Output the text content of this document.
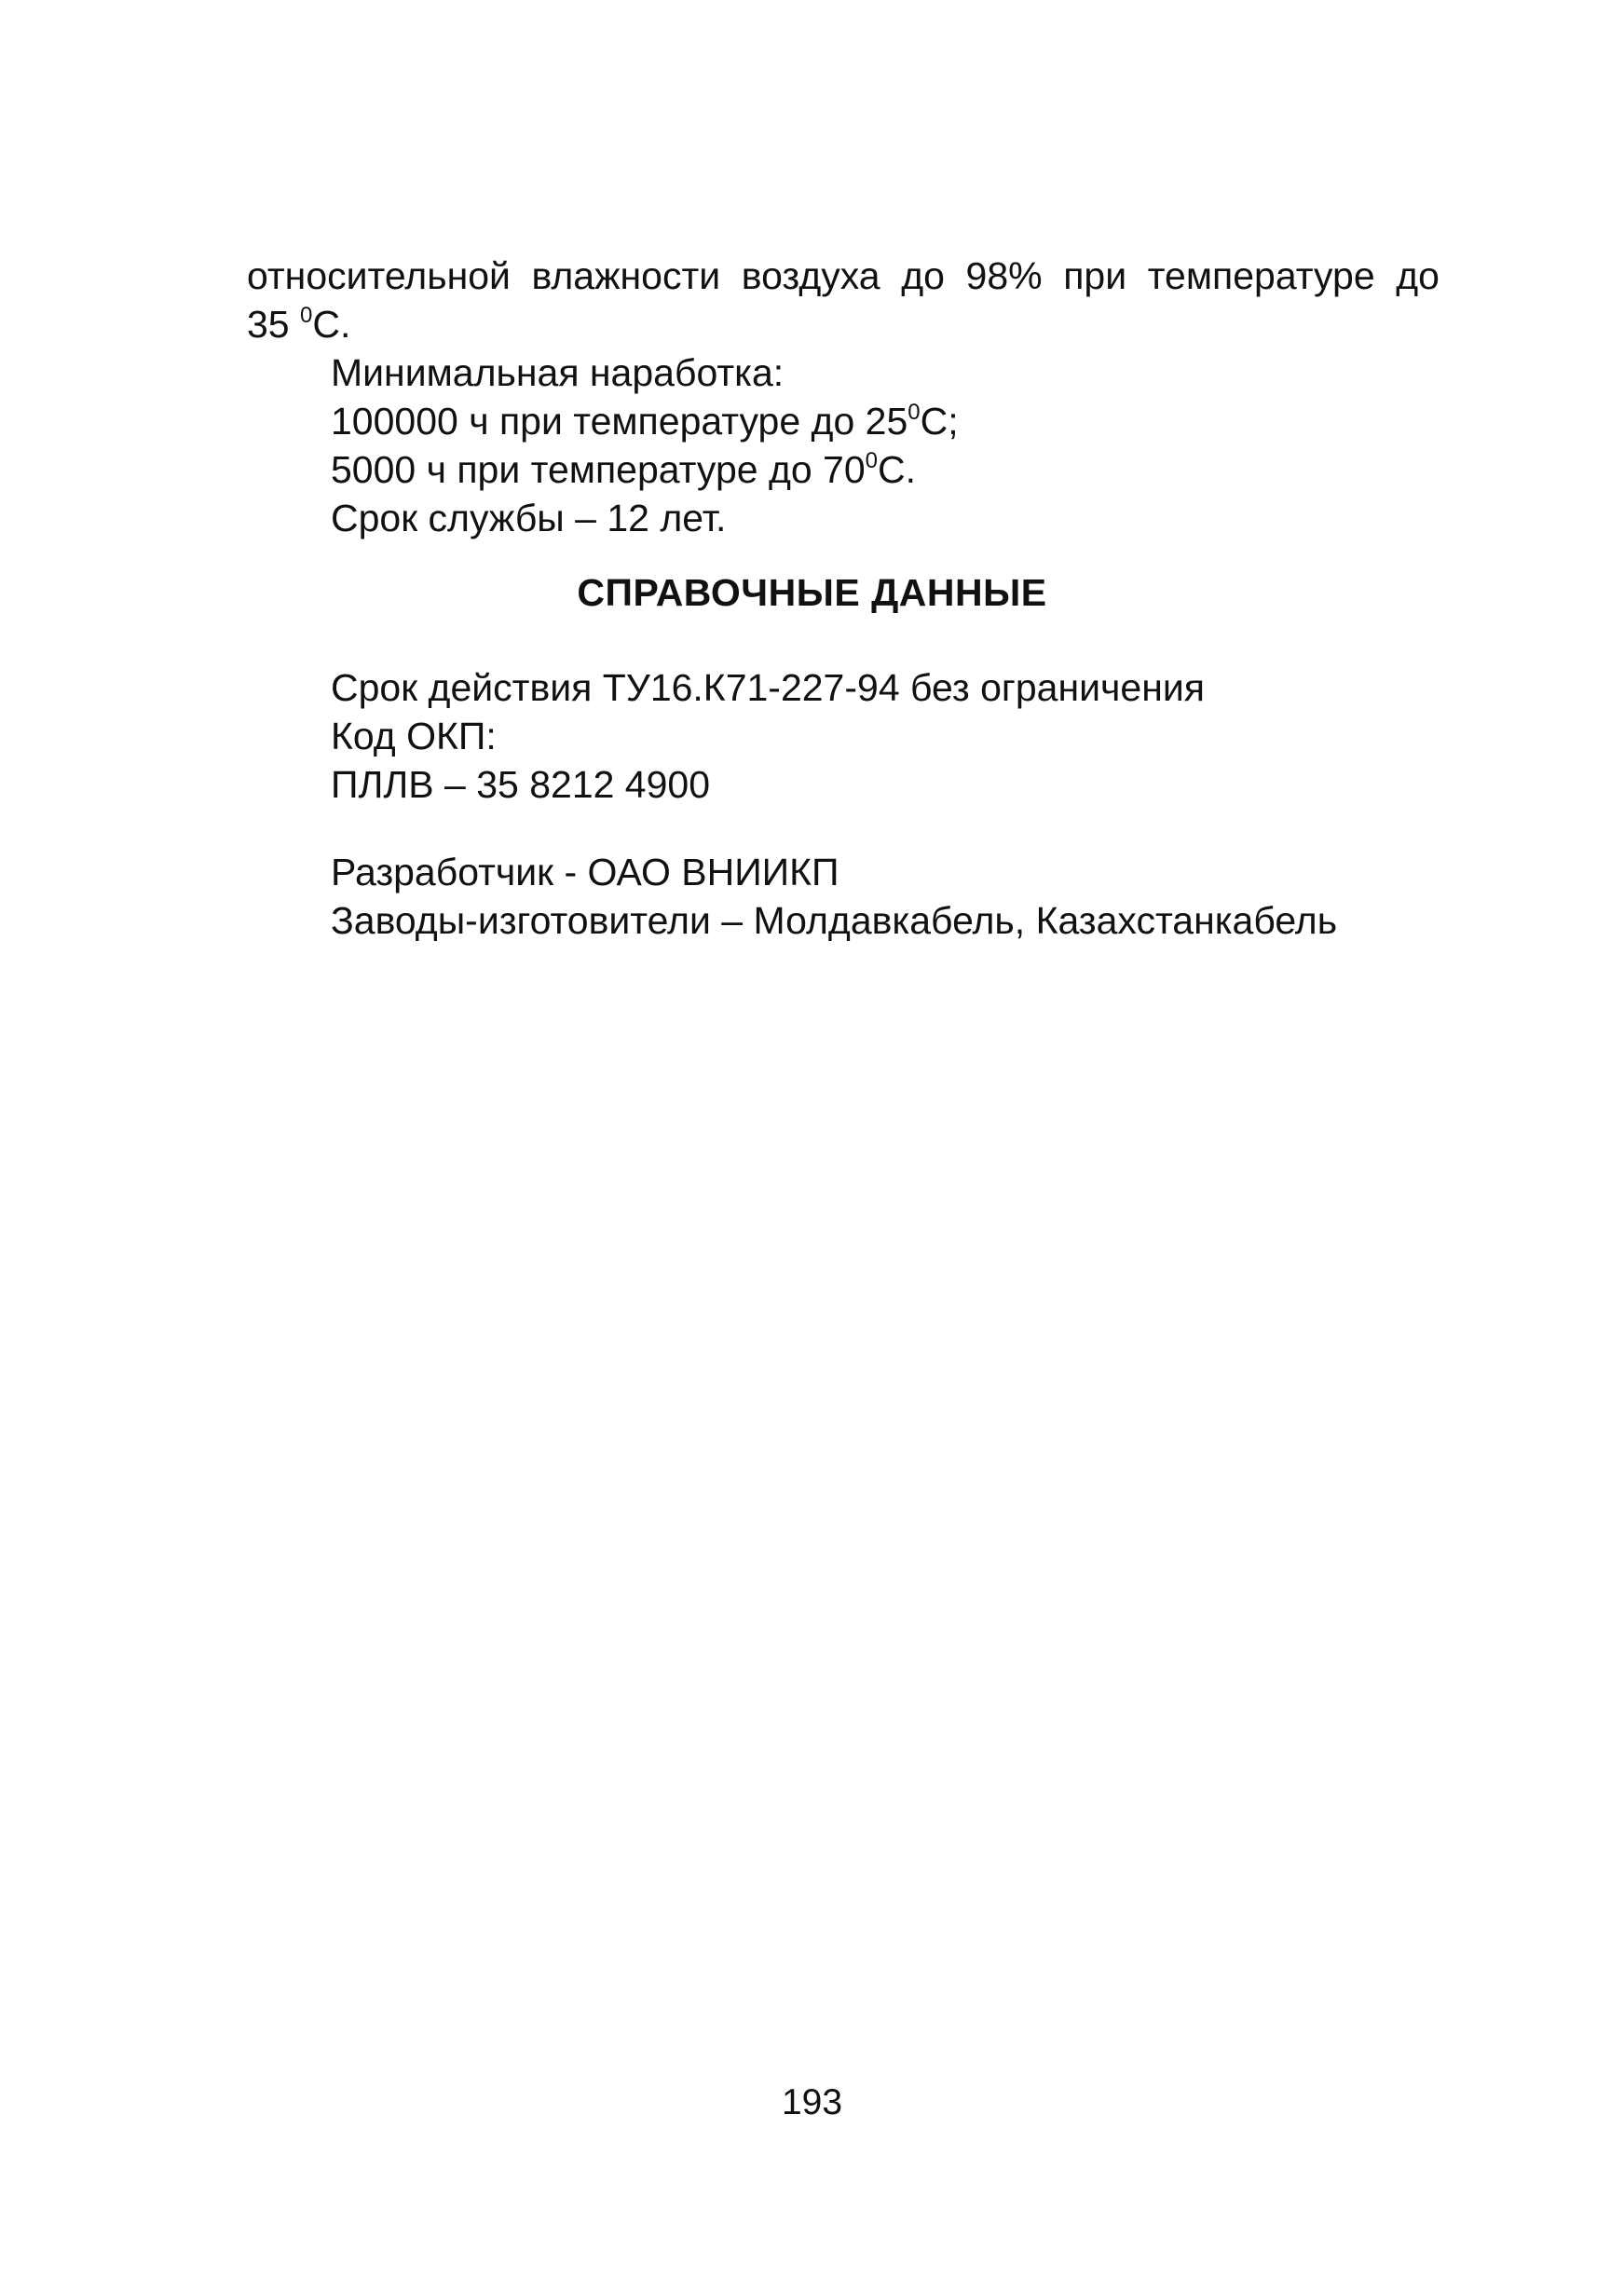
относительной влажности воздуха до 98% при температуре до
35 $^0$С.
Минимальная наработка:
100000 ч при температуре до $25^0С$;
5000 ч при температуре до $70^0С$.
Срок службы – 12 лет.
СПРАВОЧНЫЕ ДАННЫЕ
Срок действия ТУ16.К71-227-94 без ограничения
Код ОКП:
ПЛЛВ – 35 8212 4900
Разработчик - ОАО ВНИИКП
Заводы-изготовители – Молдавкабель, Казахстанкабель
193
